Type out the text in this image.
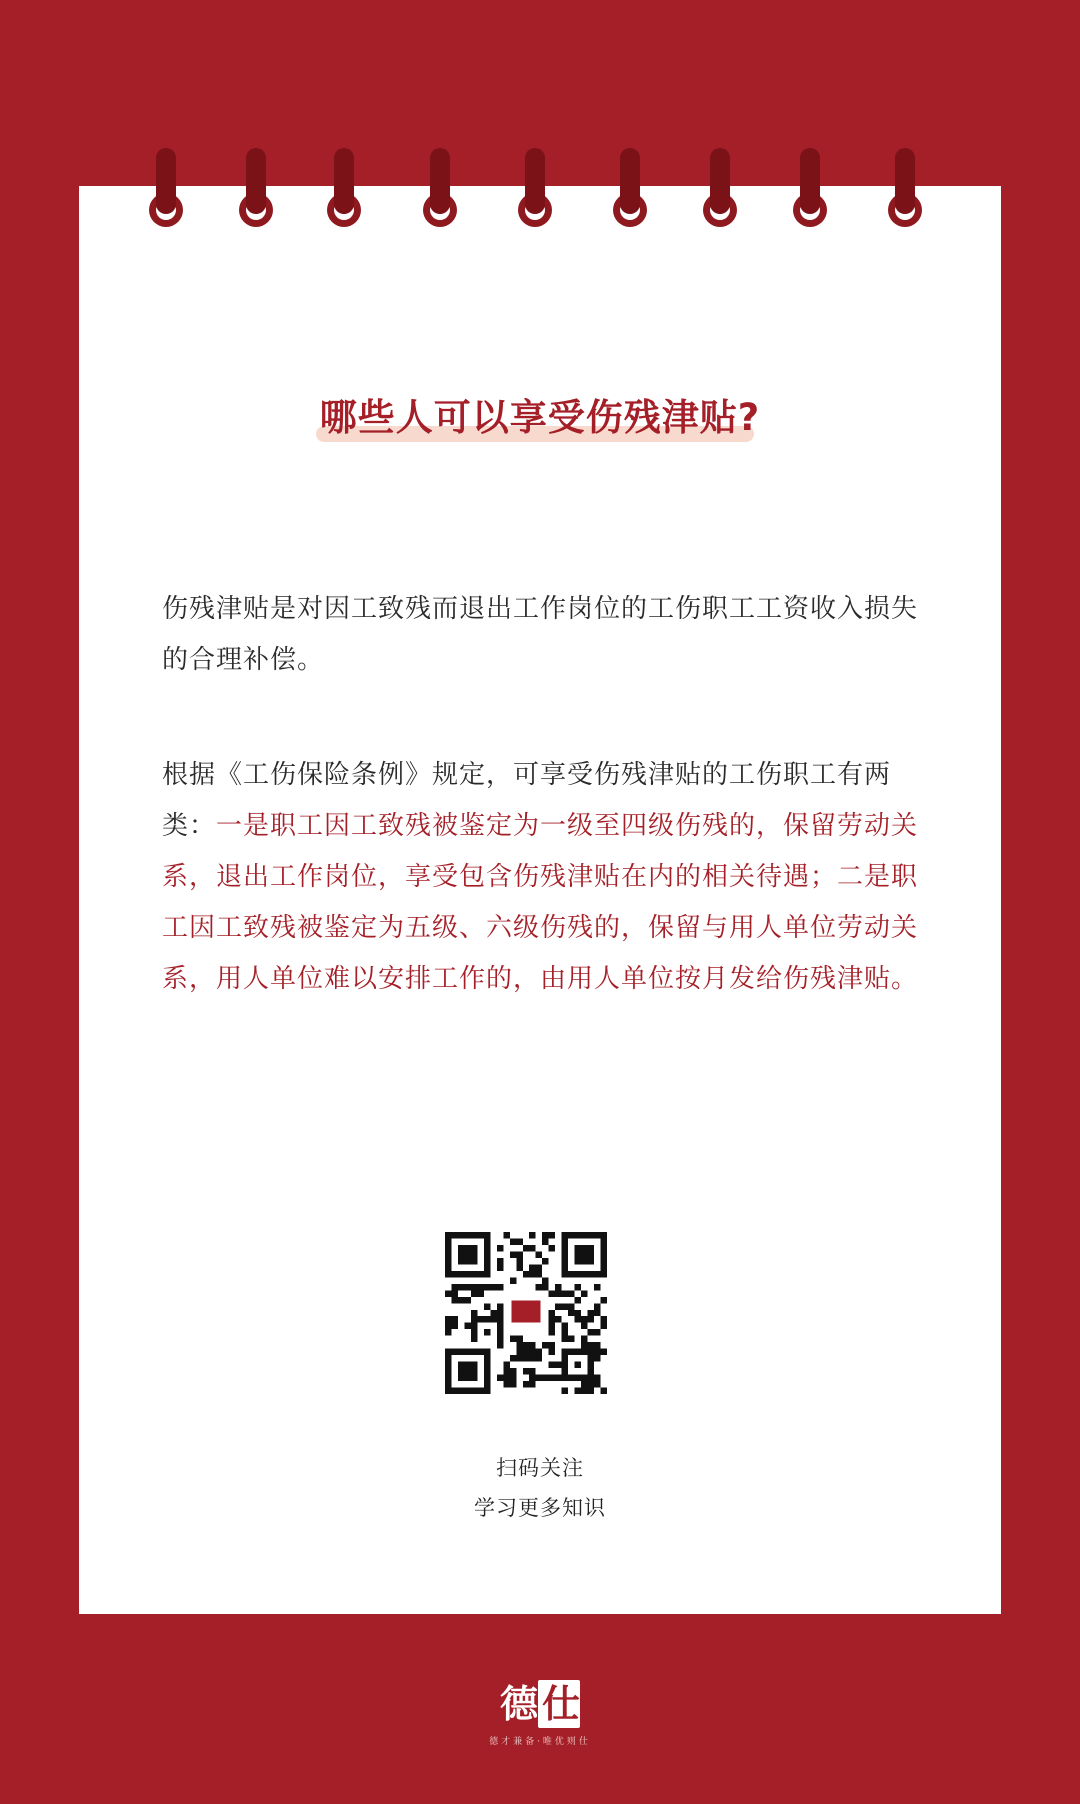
哪些人可以享受伤残津贴?
伤残津贴是对因工致残而退出工作岗位的工伤职工工资收入损失的合理补偿。
根据《工伤保险条例》规定，可享受伤残津贴的工伤职工有两类：一是职工因工致残被鉴定为一级至四级伤残的，保留劳动关系，退出工作岗位，享受包含伤残津贴在内的相关待遇；二是职工因工致残被鉴定为五级、六级伤残的，保留与用人单位劳动关系，用人单位难以安排工作的，由用人单位按月发给伤残津贴。
扫码关注
学习更多知识
德 仕
德才兼备·唯优则仕
